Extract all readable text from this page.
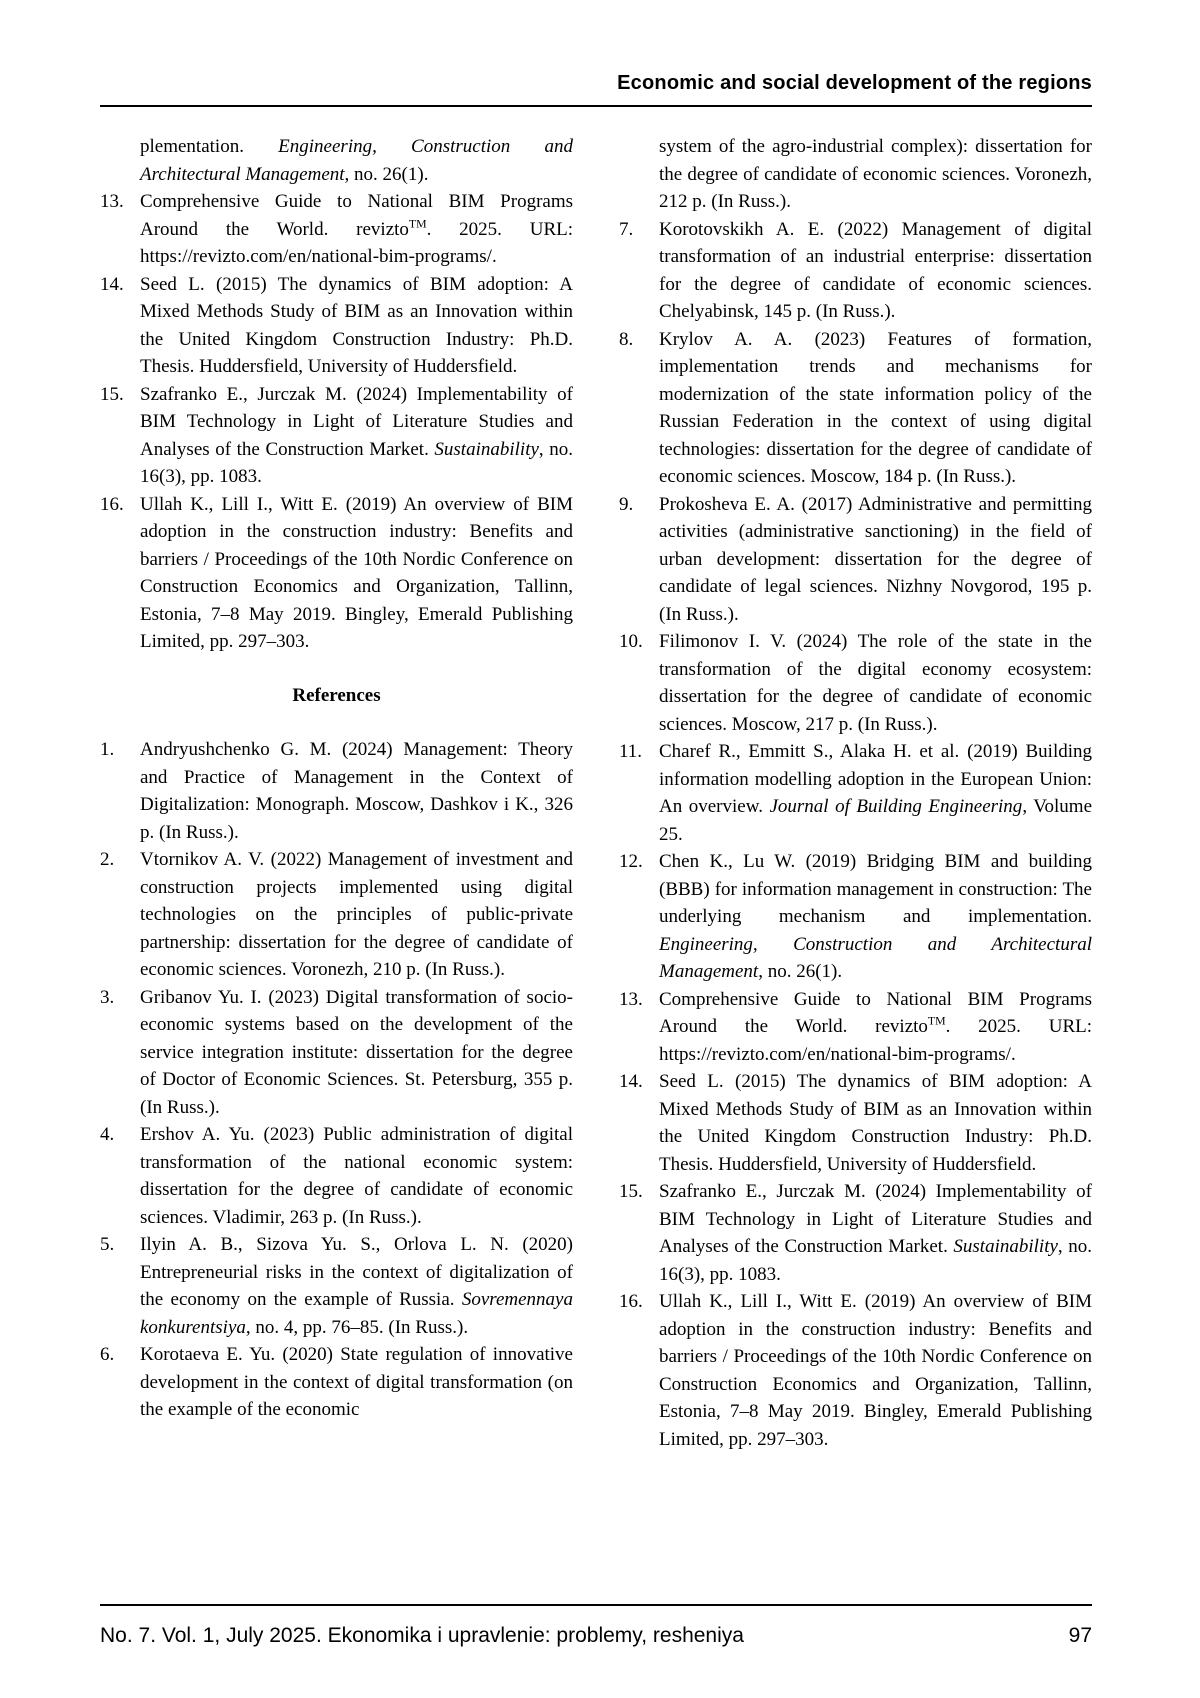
Economic and social development of the regions

plementation. Engineering, Construction and Architectural Management, no. 26(1).

13. Comprehensive Guide to National BIM Programs Around the World. revizto™. 2025. URL: https://revizto.com/en/national-bim-programs/.
14. Seed L. (2015) The dynamics of BIM adoption: A Mixed Methods Study of BIM as an Innovation within the United Kingdom Construction Industry: Ph.D. Thesis. Huddersfield, University of Huddersfield.
15. Szafranko E., Jurczak M. (2024) Implementability of BIM Technology in Light of Literature Studies and Analyses of the Construction Market. Sustainability, no. 16(3), pp. 1083.
16. Ullah K., Lill I., Witt E. (2019) An overview of BIM adoption in the construction industry: Benefits and barriers / Proceedings of the 10th Nordic Conference on Construction Economics and Organization, Tallinn, Estonia, 7–8 May 2019. Bingley, Emerald Publishing Limited, pp. 297–303.
References
1.	Andryushchenko G. M. (2024) Management: Theory and Practice of Management in the Context of Digitalization: Monograph. Moscow, Dashkov i K., 326 p. (In Russ.).
2.	Vtornikov A. V. (2022) Management of investment and construction projects implemented using digital technologies on the principles of public-private partnership: dissertation for the degree of candidate of economic sciences. Voronezh, 210 p. (In Russ.).
3.	Gribanov Yu. I. (2023) Digital transformation of socio-economic systems based on the development of the service integration institute: dissertation for the degree of Doctor of Economic Sciences. St. Petersburg, 355 p. (In Russ.).
4.	Ershov A. Yu. (2023) Public administration of digital transformation of the national economic system: dissertation for the degree of candidate of economic sciences. Vladimir, 263 p. (In Russ.).
5.	Ilyin A. B., Sizova Yu. S., Orlova L. N. (2020) Entrepreneurial risks in the context of digitalization of the economy on the example of Russia. Sovremennaya konkurentsiya, no. 4, pp. 76–85. (In Russ.).
6.	Korotaeva E. Yu. (2020) State regulation of innovative development in the context of digital transformation (on the example of the economic

system of the agro-industrial complex): dissertation for the degree of candidate of economic sciences. Voronezh, 212 p. (In Russ.).

7.	Korotovskikh A. E. (2022) Management of digital transformation of an industrial enterprise: dissertation for the degree of candidate of economic sciences. Chelyabinsk, 145 p. (In Russ.).
8.	Krylov A. A. (2023) Features of formation, implementation trends and mechanisms for modernization of the state information policy of the Russian Federation in the context of using digital technologies: dissertation for the degree of candidate of economic sciences. Moscow, 184 p. (In Russ.).
9.	Prokosheva E. A. (2017) Administrative and permitting activities (administrative sanctioning) in the field of urban development: dissertation for the degree of candidate of legal sciences. Nizhny Novgorod, 195 p. (In Russ.).
10. Filimonov I. V. (2024) The role of the state in the transformation of the digital economy ecosystem: dissertation for the degree of candidate of economic sciences. Moscow, 217 p. (In Russ.).
11. Charef R., Emmitt S., Alaka H. et al. (2019) Building information modelling adoption in the European Union: An overview. Journal of Building Engineering, Volume 25.
12. Chen K., Lu W. (2019) Bridging BIM and building (BBB) for information management in construction: The underlying mechanism and implementation. Engineering, Construction and Architectural Management, no. 26(1).
13. Comprehensive Guide to National BIM Programs Around the World. revizto™. 2025. URL: https://revizto.com/en/national-bim-programs/.
14. Seed L. (2015) The dynamics of BIM adoption: A Mixed Methods Study of BIM as an Innovation within the United Kingdom Construction Industry: Ph.D. Thesis. Huddersfield, University of Huddersfield.
15. Szafranko E., Jurczak M. (2024) Implementability of BIM Technology in Light of Literature Studies and Analyses of the Construction Market. Sustainability, no. 16(3), pp. 1083.
16. Ullah K., Lill I., Witt E. (2019) An overview of BIM adoption in the construction industry: Benefits and barriers / Proceedings of the 10th Nordic Conference on Construction Economics and Organization, Tallinn, Estonia, 7–8 May 2019. Bingley, Emerald Publishing Limited, pp. 297–303.
No. 7. Vol. 1, July 2025. Ekonomika i upravlenie: problemy, resheniya	97
